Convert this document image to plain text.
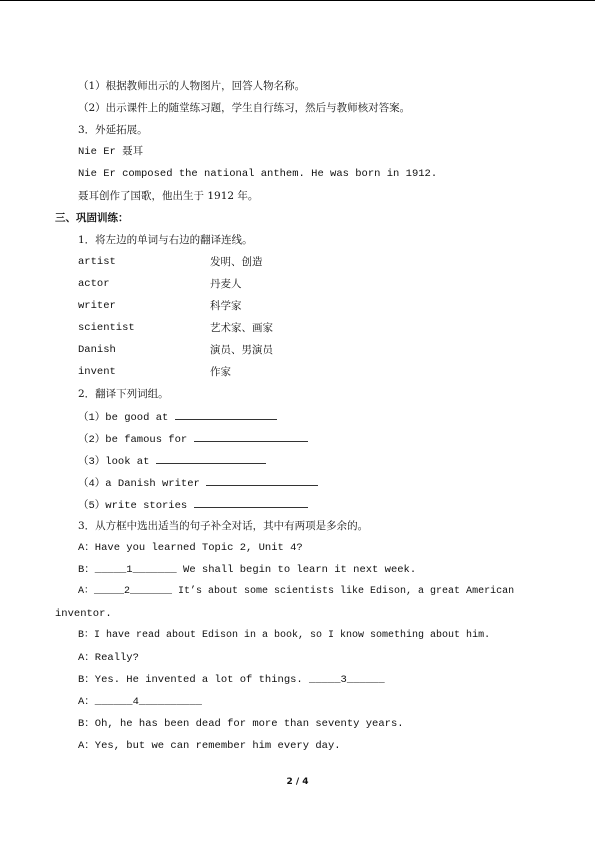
（1）根据教师出示的人物图片，回答人物名称。
（2）出示课件上的随堂练习题，学生自行练习，然后与教师核对答案。
3．外延拓展。
Nie Er 聂耳
Nie Er composed the national anthem. He was born in 1912.
聂耳创作了国歌，他出生于 1912 年。
三、巩固训练：
1．将左边的单词与右边的翻译连线。
artist	发明、创造
actor	丹麦人
writer	科学家
scientist	艺术家、画家
Danish	演员、男演员
invent	作家
2．翻译下列词组。
（1）be good at
（2）be famous for
（3）look at
（4）a Danish writer
（5）write stories
3．从方框中选出适当的句子补全对话，其中有两项是多余的。
A：Have you learned Topic 2, Unit 4?
B：_____1_______ We shall begin to learn it next week.
A：_____2_______ It’s about some scientists like Edison, a great American
inventor.
B：I have read about Edison in a book, so I know something about him.
A：Really?
B：Yes. He invented a lot of things. _____3______
A：______4__________
B：Oh, he has been dead for more than seventy years.
A：Yes, but we can remember him every day.
2 / 4
